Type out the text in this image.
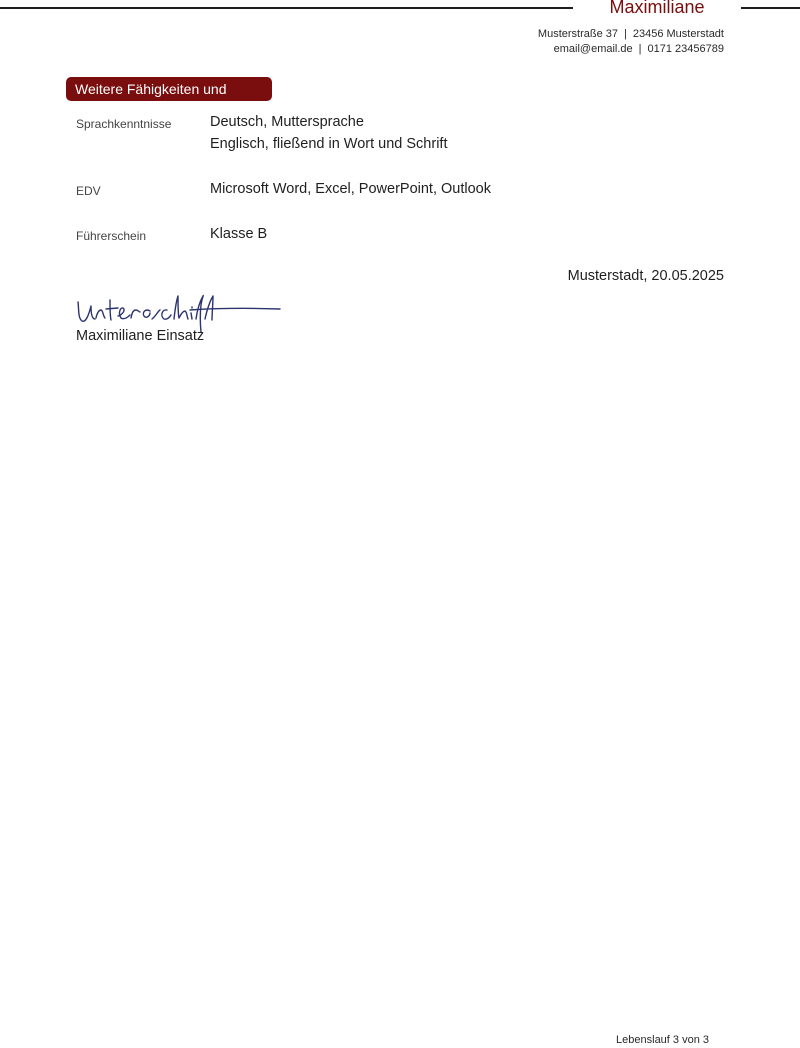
Maximiliane
Musterstraße 37 | 23456 Musterstadt
email@email.de | 0171 23456789
Weitere Fähigkeiten und
Sprachkenntnisse	Deutsch, Muttersprache
Englisch, fließend in Wort und Schrift
EDV	Microsoft Word, Excel, PowerPoint, Outlook
Führerschein	Klasse B
Musterstadt, 20.05.2025
Unterschrift
Maximiliane Einsatz
Lebenslauf 3 von 3
